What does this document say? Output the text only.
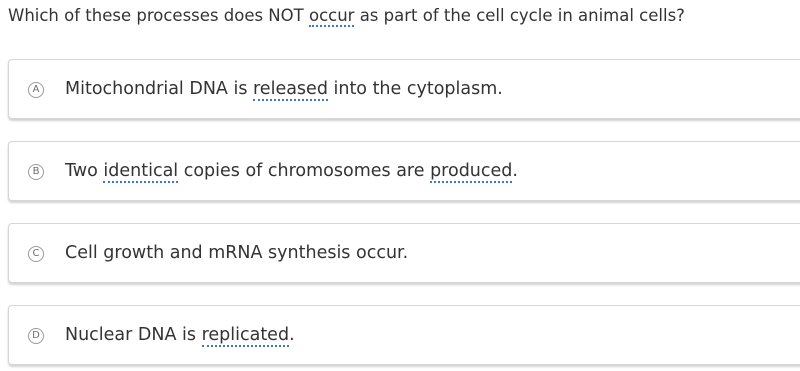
Which of these processes does NOT occur as part of the cell cycle in animal cells?
A Mitochondrial DNA is released into the cytoplasm.
B Two identical copies of chromosomes are produced.
C Cell growth and mRNA synthesis occur.
D Nuclear DNA is replicated.
